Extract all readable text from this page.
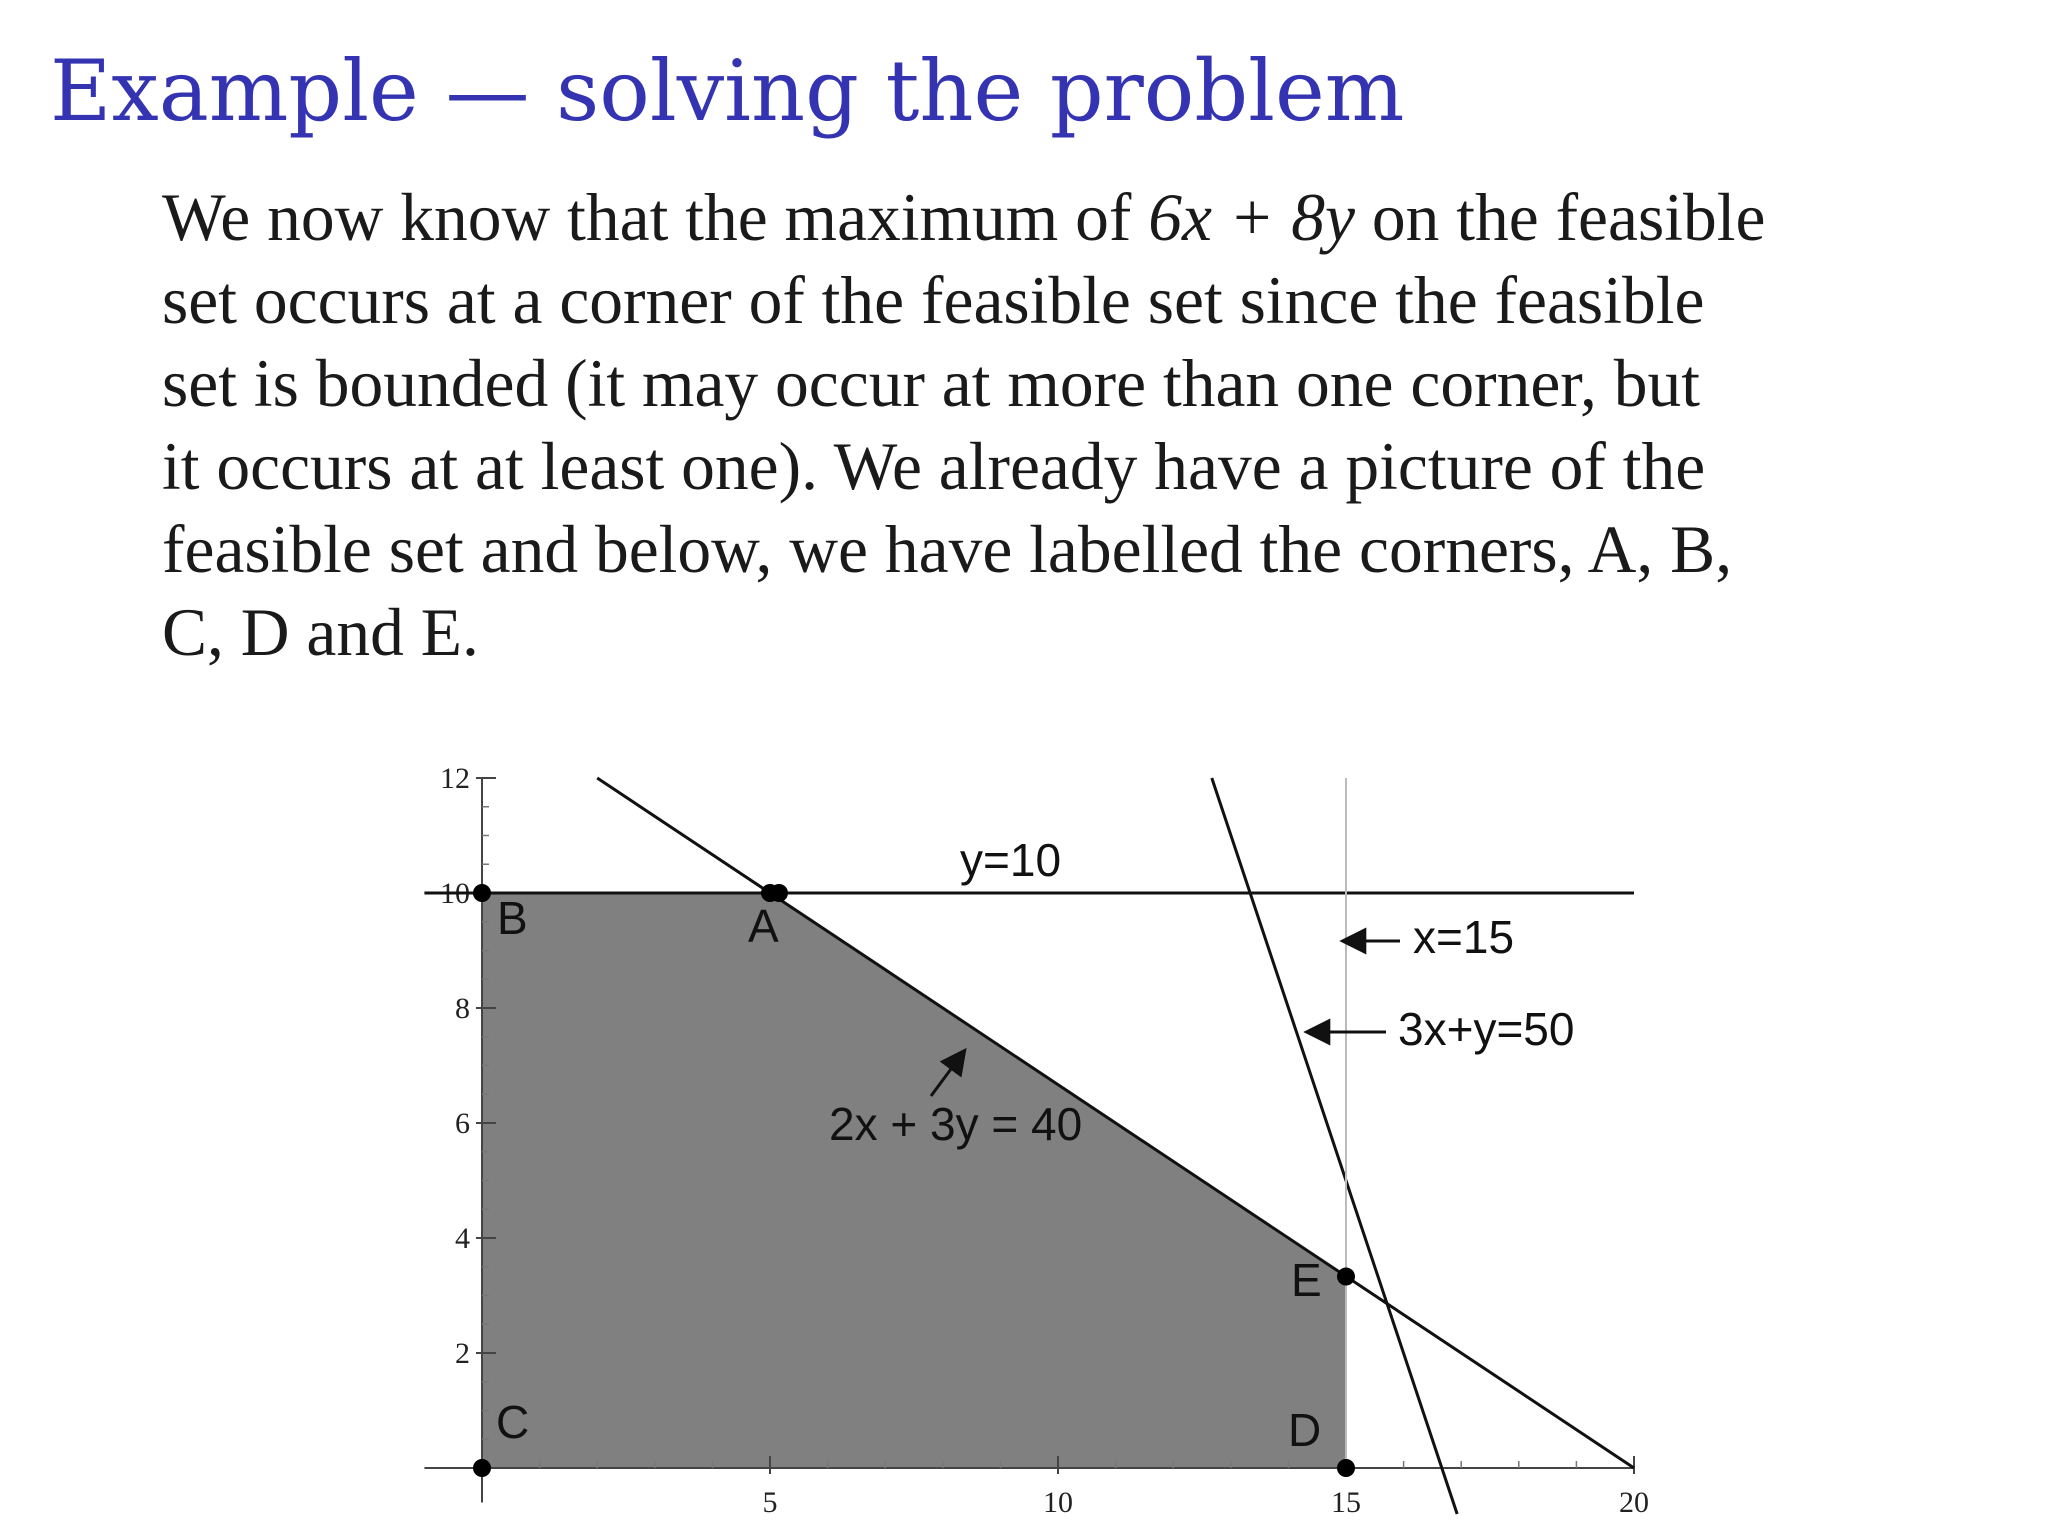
Example — solving the problem

We now know that the maximum of 6x + 8y on the feasible
set occurs at a corner of the feasible set since the feasible
set is bounded (it may occur at more than one corner, but
it occurs at at least one). We already have a picture of the
feasible set and below, we have labelled the corners, A, B,
C, D and E.

5	10	15	20
2
4
6
8
10
12
y=10
2x + 3y = 40
x=15
3x+y=50
A
B
C	D
E
